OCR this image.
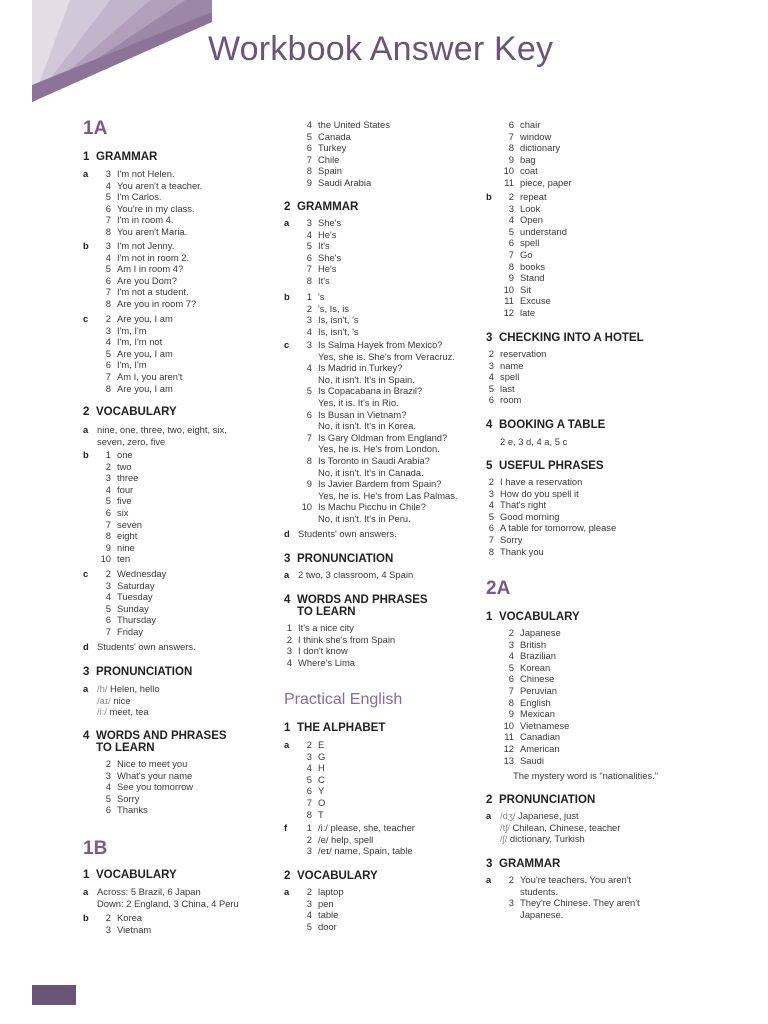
Workbook Answer Key
1A
1 GRAMMAR
a	3 I'm not Helen.
4 You aren't a teacher.
5 I'm Carlos.
6 You're in my class.
7 I'm in room 4.
8 You aren't Maria.
b	3 I'm not Jenny.
4 I'm not in room 2.
5 Am I in room 4?
6 Are you Dom?
7 I'm not a student.
8 Are you in room 7?
c	2 Are you, I am
3 I'm, I'm
4 I'm, I'm not
5 Are you, I am
6 I'm, I'm
7 Am I, you aren't
8 Are you, I am
2 VOCABULARY
a nine, one, three, two, eight, six,
seven, zero, five
b	1 one
2 two
3 three
4 four
5 five
6 six
7 seven
8 eight
9 nine
10 ten
c	2 Wednesday
3 Saturday
4 Tuesday
5 Sunday
6 Thursday
7 Friday
d Students' own answers.
3 PRONUNCIATION
a /h/ Helen, hello
/aɪ/ nice
/iː/ meet, tea
4 WORDS AND PHRASES
TO LEARN
2 Nice to meet you
3 What's your name
4 See you tomorrow
5 Sorry
6 Thanks
1B
1 VOCABULARY
a Across: 5 Brazil, 6 Japan
Down: 2 England, 3 China, 4 Peru
b	2 Korea
3 Vietnam
4 the United States
5 Canada
6 Turkey
7 Chile
8 Spain
9 Saudi Arabia
2 GRAMMAR
a	3 She's
4 He's
5 It's
6 She's
7 He's
8 It's
b	1 's
2 's, Is, is
3 Is, isn't, 's
4 Is, isn't, 's
c	3 Is Salma Hayek from Mexico?
Yes, she is. She's from Veracruz.
4 Is Madrid in Turkey?
No, it isn't. It's in Spain.
5 Is Copacabana in Brazil?
Yes, it is. It's in Rio.
6 Is Busan in Vietnam?
No, it isn't. It's in Korea.
7 Is Gary Oldman from England?
Yes, he is. He's from London.
8 Is Toronto in Saudi Arabia?
No, it isn't. It's in Canada.
9 Is Javier Bardem from Spain?
Yes, he is. He's from Las Palmas.
10 Is Machu Picchu in Chile?
No, it isn't. It's in Peru.
d Students' own answers.
3 PRONUNCIATION
a 2 two, 3 classroom, 4 Spain
4 WORDS AND PHRASES
TO LEARN
1 It's a nice city
2 I think she's from Spain
3 I don't know
4 Where's Lima
Practical English
1 THE ALPHABET
a	2 E
3 G
4 H
5 C
6 Y
7 O
8 T
f	1 /iː/ please, she, teacher
2 /e/ help, spell
3 /eɪ/ name, Spain, table
2 VOCABULARY
a	2 laptop
3 pen
4 table
5 door
6 chair
7 window
8 dictionary
9 bag
10 coat
11 piece, paper
b	2 repeat
3 Look
4 Open
5 understand
6 spell
7 Go
8 books
9 Stand
10 Sit
11 Excuse
12 late
3 CHECKING INTO A HOTEL
2 reservation
3 name
4 spell
5 last
6 room
4 BOOKING A TABLE
2 e, 3 d, 4 a, 5 c
5 USEFUL PHRASES
2 I have a reservation
3 How do you spell it
4 That's right
5 Good morning
6 A table for tomorrow, please
7 Sorry
8 Thank you
2A
1 VOCABULARY
2 Japanese
3 British
4 Brazilian
5 Korean
6 Chinese
7 Peruvian
8 English
9 Mexican
10 Vietnamese
11 Canadian
12 American
13 Saudi
The mystery word is “nationalities.”
2 PRONUNCIATION
a /dʒ/ Japanese, just
/tʃ/ Chilean, Chinese, teacher
/ʃ/ dictionary, Turkish
3 GRAMMAR
a	2 You're teachers. You aren't
students.
3 They're Chinese. They aren't
Japanese.
